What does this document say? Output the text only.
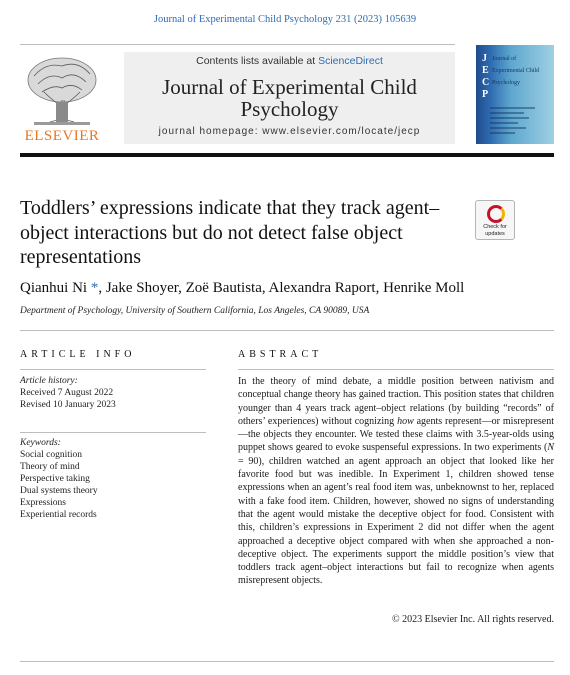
Journal of Experimental Child Psychology 231 (2023) 105639
ELSEVIER
Contents lists available at ScienceDirect
Journal of Experimental Child Psychology
journal homepage: www.elsevier.com/locate/jecp
J E C P
Journal of Experimental Child Psychology
Toddlers’ expressions indicate that they track agent–object interactions but do not detect false object representations
Check for updates
Qianhui Ni *, Jake Shoyer, Zoë Bautista, Alexandra Raport, Henrike Moll
Department of Psychology, University of Southern California, Los Angeles, CA 90089, USA
ARTICLE INFO	ABSTRACT
Article history:
Received 7 August 2022
Revised 10 January 2023
Keywords:
Social cognition
Theory of mind
Perspective taking
Dual systems theory
Expressions
Experiential records
In the theory of mind debate, a middle position between nativism and conceptual change theory has gained traction. This position states that children younger than 4 years track agent–object relations (by building “records” of others’ experiences) without cognizing how agents represent—or misrepresent—the objects they encounter. We tested these claims with 3.5-year-olds using puppet shows geared to evoke suspenseful expressions. In two experiments (N = 90), children watched an agent approach an object that looked like her favorite food but was inedible. In Experiment 1, children showed tense expressions when an agent’s real food item was, unbeknownst to her, replaced with a fake food item. Children, however, showed no signs of understanding that the agent would mistake the deceptive object for food. Consistent with this, children’s expressions in Experiment 2 did not differ when the agent approached a deceptive object compared with when she approached a non-deceptive object. The experiments support the middle position’s view that toddlers track agent–object interactions but fail to recognize when agents misrepresent objects.
© 2023 Elsevier Inc. All rights reserved.
